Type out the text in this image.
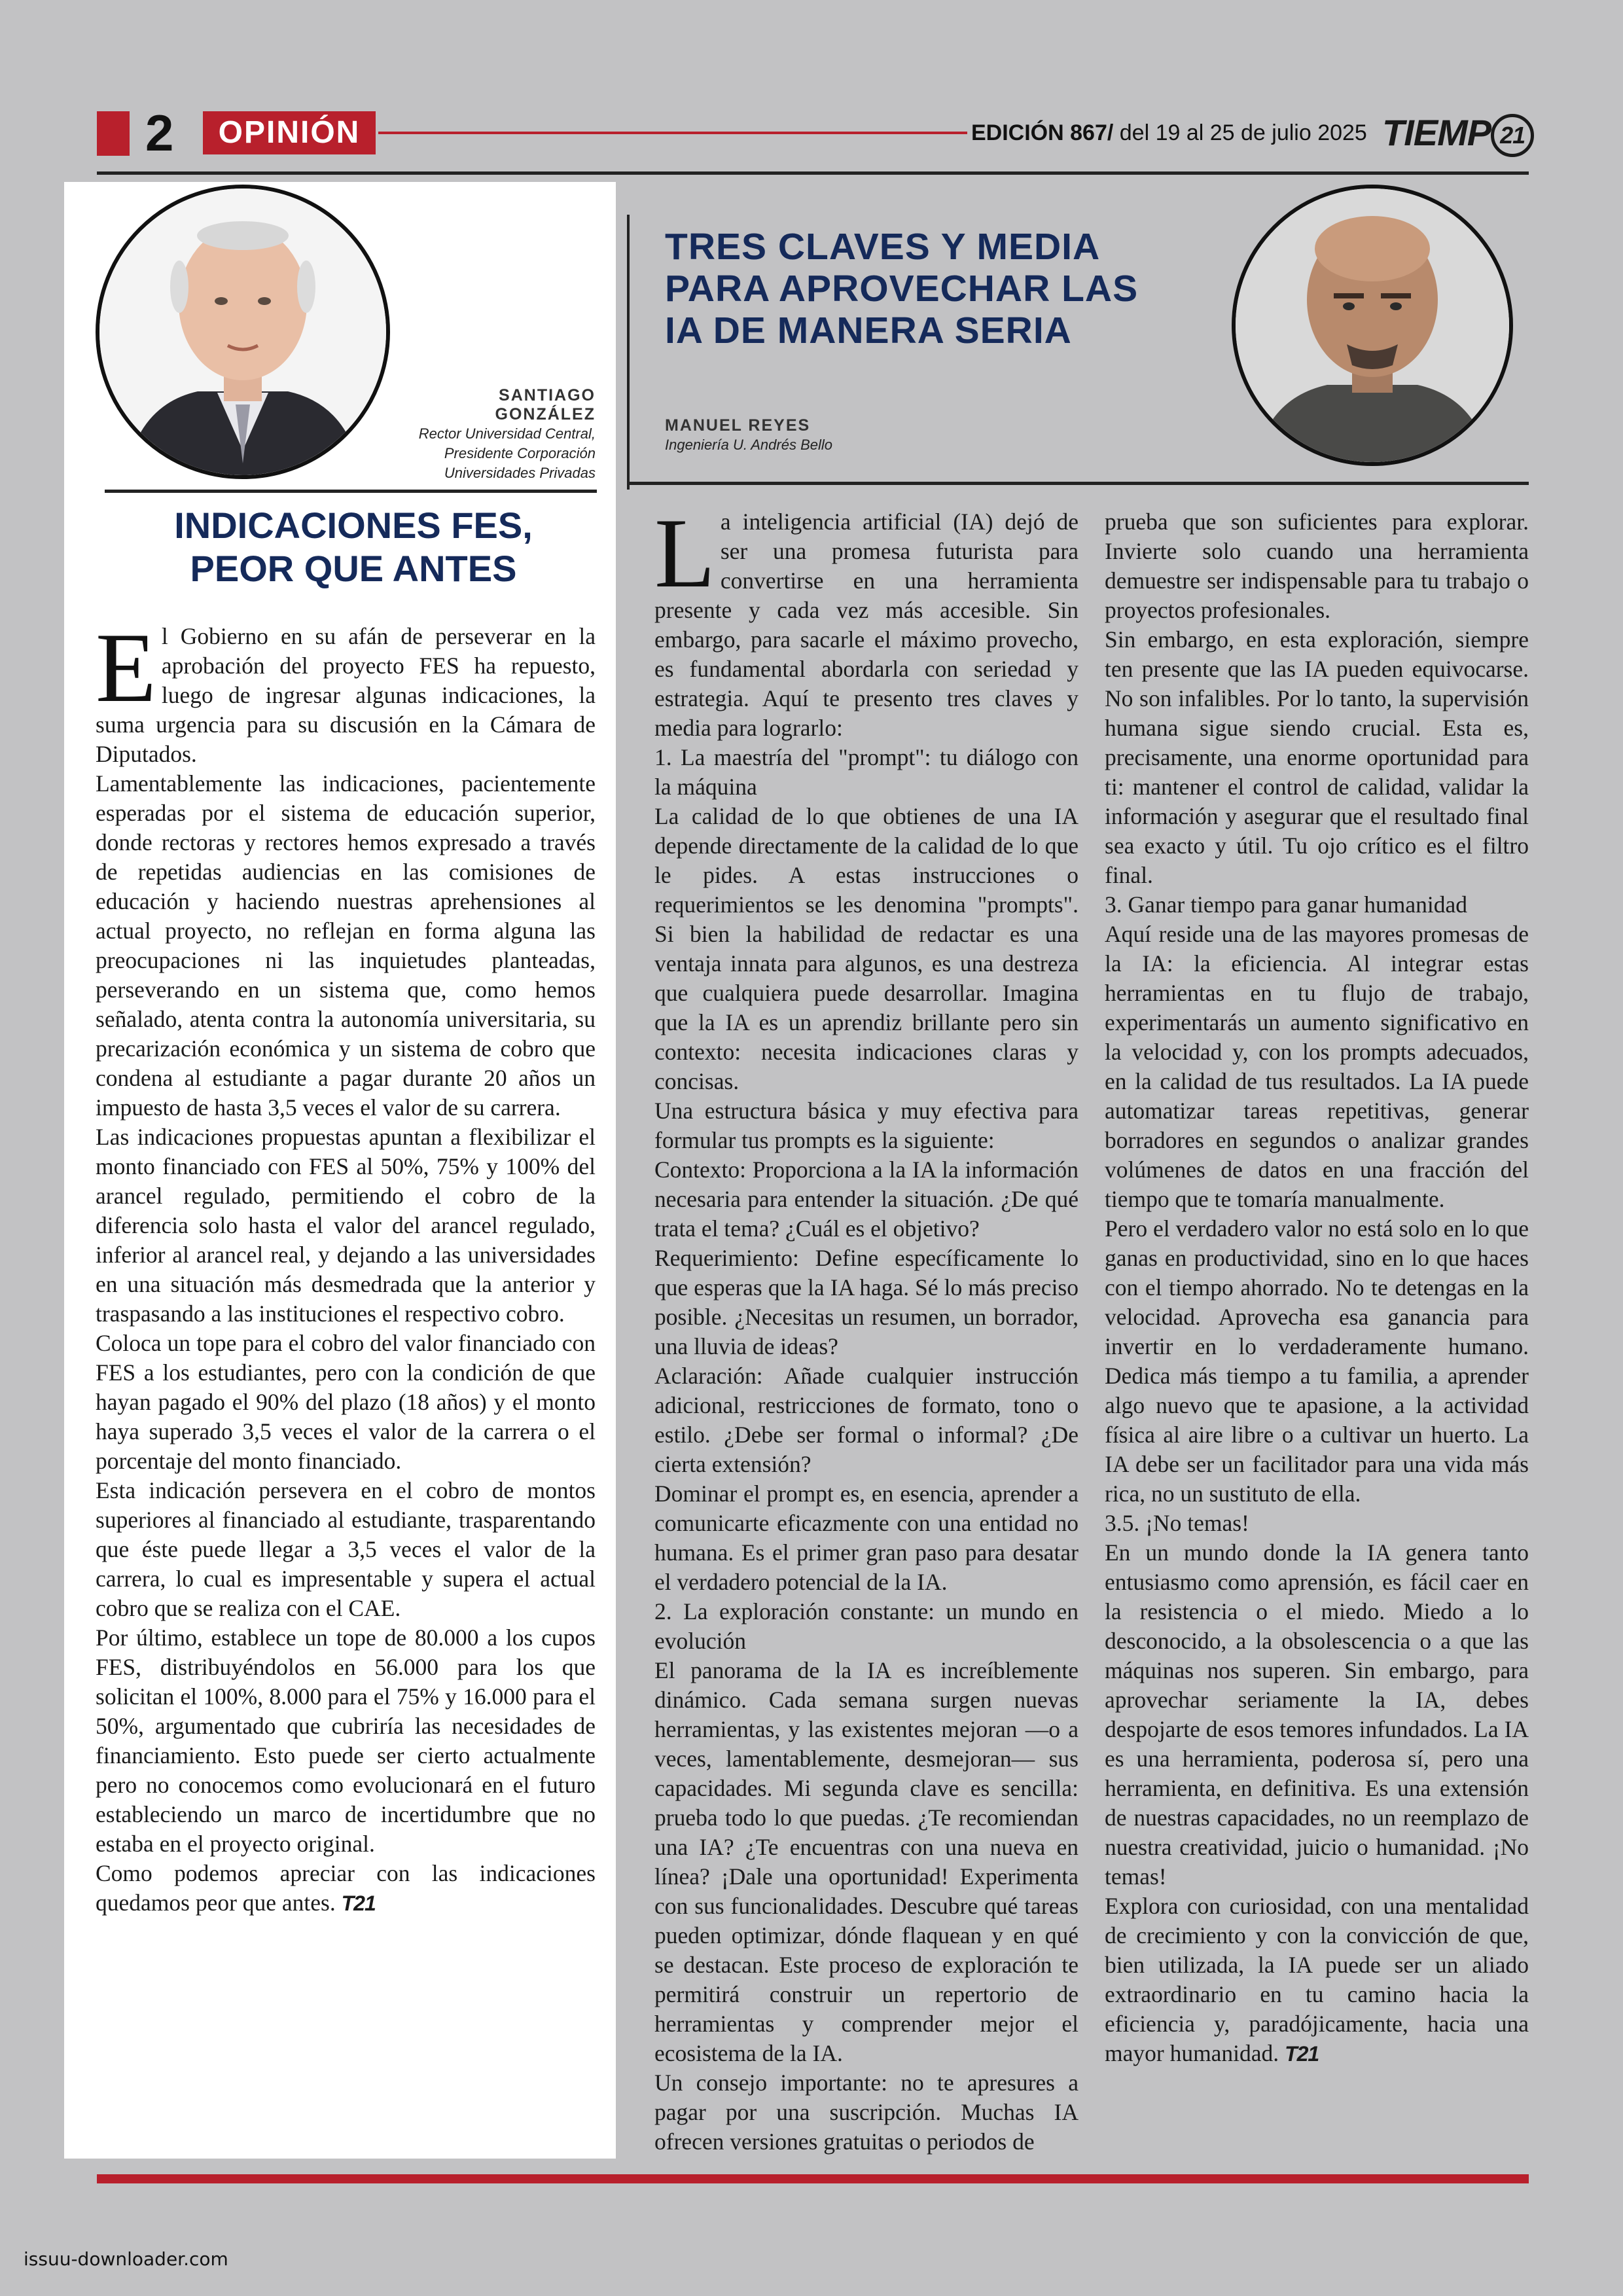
2	OPINIÓN	EDICIÓN 867/ del 19 al 25 de julio 2025 TIEMP 21
SANTIAGO GONZÁLEZ
Rector Universidad Central,
Presidente Corporación
Universidades Privadas
INDICACIONES FES,
PEOR QUE ANTES

El Gobierno en su afán de perseverar en la aprobación del proyecto FES ha repuesto, luego de ingresar algunas indicaciones, la suma urgencia para su discusión en la Cámara de Diputados.

Lamentablemente las indicaciones, pacientemente esperadas por el sistema de educación superior, donde rectoras y rectores hemos expresado a través de repetidas audiencias en las comisiones de educación y haciendo nuestras aprehensiones al actual proyecto, no reflejan en forma alguna las preocupaciones ni las inquietudes planteadas, perseverando en un sistema que, como hemos señalado, atenta contra la autonomía universitaria, su precarización económica y un sistema de cobro que condena al estudiante a pagar durante 20 años un impuesto de hasta 3,5 veces el valor de su carrera.

Las indicaciones propuestas apuntan a flexibilizar el monto financiado con FES al 50%, 75% y 100% del arancel regulado, permitiendo el cobro de la diferencia solo hasta el valor del arancel regulado, inferior al arancel real, y dejando a las universidades en una situación más desmedrada que la anterior y traspasando a las instituciones el respectivo cobro.

Coloca un tope para el cobro del valor financiado con FES a los estudiantes, pero con la condición de que hayan pagado el 90% del plazo (18 años) y el monto haya superado 3,5 veces el valor de la carrera o el porcentaje del monto financiado.

Esta indicación persevera en el cobro de montos superiores al financiado al estudiante, trasparentando que éste puede llegar a 3,5 veces el valor de la carrera, lo cual es impresentable y supera el actual cobro que se realiza con el CAE.

Por último, establece un tope de 80.000 a los cupos FES, distribuyéndolos en 56.000 para los que solicitan el 100%, 8.000 para el 75% y 16.000 para el 50%, argumentado que cubriría las necesidades de financiamiento. Esto puede ser cierto actualmente pero no conocemos como evolucionará en el futuro estableciendo un marco de incertidumbre que no estaba en el proyecto original.

Como podemos apreciar con las indicaciones quedamos peor que antes. T21

TRES CLAVES Y MEDIA
PARA APROVECHAR LAS
IA DE MANERA SERIA
MANUEL REYES
Ingeniería U. Andrés Bello

La inteligencia artificial (IA) dejó de ser una promesa futurista para convertirse en una herramienta presente y cada vez más accesible. Sin embargo, para sacarle el máximo provecho, es fundamental abordarla con seriedad y estrategia. Aquí te presento tres claves y media para lograrlo:

1. La maestría del "prompt": tu diálogo con la máquina

La calidad de lo que obtienes de una IA depende directamente de la calidad de lo que le pides. A estas instrucciones o requerimientos se les denomina "prompts". Si bien la habilidad de redactar es una ventaja innata para algunos, es una destreza que cualquiera puede desarrollar. Imagina que la IA es un aprendiz brillante pero sin contexto: necesita indicaciones claras y concisas.

Una estructura básica y muy efectiva para formular tus prompts es la siguiente:

Contexto: Proporciona a la IA la información necesaria para entender la situación. ¿De qué trata el tema? ¿Cuál es el objetivo?

Requerimiento: Define específicamente lo que esperas que la IA haga. Sé lo más preciso posible. ¿Necesitas un resumen, un borrador, una lluvia de ideas?

Aclaración: Añade cualquier instrucción adicional, restricciones de formato, tono o estilo. ¿Debe ser formal o informal? ¿De cierta extensión?

Dominar el prompt es, en esencia, aprender a comunicarte eficazmente con una entidad no humana. Es el primer gran paso para desatar el verdadero potencial de la IA.

2. La exploración constante: un mundo en evolución

El panorama de la IA es increíblemente dinámico. Cada semana surgen nuevas herramientas, y las existentes mejoran —o a veces, lamentablemente, desmejoran— sus capacidades. Mi segunda clave es sencilla: prueba todo lo que puedas. ¿Te recomiendan una IA? ¿Te encuentras con una nueva en línea? ¡Dale una oportunidad! Experimenta con sus funcionalidades. Descubre qué tareas pueden optimizar, dónde flaquean y en qué se destacan. Este proceso de exploración te permitirá construir un repertorio de herramientas y comprender mejor el ecosistema de la IA.

Un consejo importante: no te apresures a pagar por una suscripción. Muchas IA ofrecen versiones gratuitas o periodos de

prueba que son suficientes para explorar. Invierte solo cuando una herramienta demuestre ser indispensable para tu trabajo o proyectos profesionales.

Sin embargo, en esta exploración, siempre ten presente que las IA pueden equivocarse. No son infalibles. Por lo tanto, la supervisión humana sigue siendo crucial. Esta es, precisamente, una enorme oportunidad para ti: mantener el control de calidad, validar la información y asegurar que el resultado final sea exacto y útil. Tu ojo crítico es el filtro final.

3. Ganar tiempo para ganar humanidad

Aquí reside una de las mayores promesas de la IA: la eficiencia. Al integrar estas herramientas en tu flujo de trabajo, experimentarás un aumento significativo en la velocidad y, con los prompts adecuados, en la calidad de tus resultados. La IA puede automatizar tareas repetitivas, generar borradores en segundos o analizar grandes volúmenes de datos en una fracción del tiempo que te tomaría manualmente.

Pero el verdadero valor no está solo en lo que ganas en productividad, sino en lo que haces con el tiempo ahorrado. No te detengas en la velocidad. Aprovecha esa ganancia para invertir en lo verdaderamente humano. Dedica más tiempo a tu familia, a aprender algo nuevo que te apasione, a la actividad física al aire libre o a cultivar un huerto. La IA debe ser un facilitador para una vida más rica, no un sustituto de ella.

3.5. ¡No temas!

En un mundo donde la IA genera tanto entusiasmo como aprensión, es fácil caer en la resistencia o el miedo. Miedo a lo desconocido, a la obsolescencia o a que las máquinas nos superen. Sin embargo, para aprovechar seriamente la IA, debes despojarte de esos temores infundados. La IA es una herramienta, poderosa sí, pero una herramienta, en definitiva. Es una extensión de nuestras capacidades, no un reemplazo de nuestra creatividad, juicio o humanidad. ¡No temas!

Explora con curiosidad, con una mentalidad de crecimiento y con la convicción de que, bien utilizada, la IA puede ser un aliado extraordinario en tu camino hacia la eficiencia y, paradójicamente, hacia una mayor humanidad. T21

issuu-downloader.com
